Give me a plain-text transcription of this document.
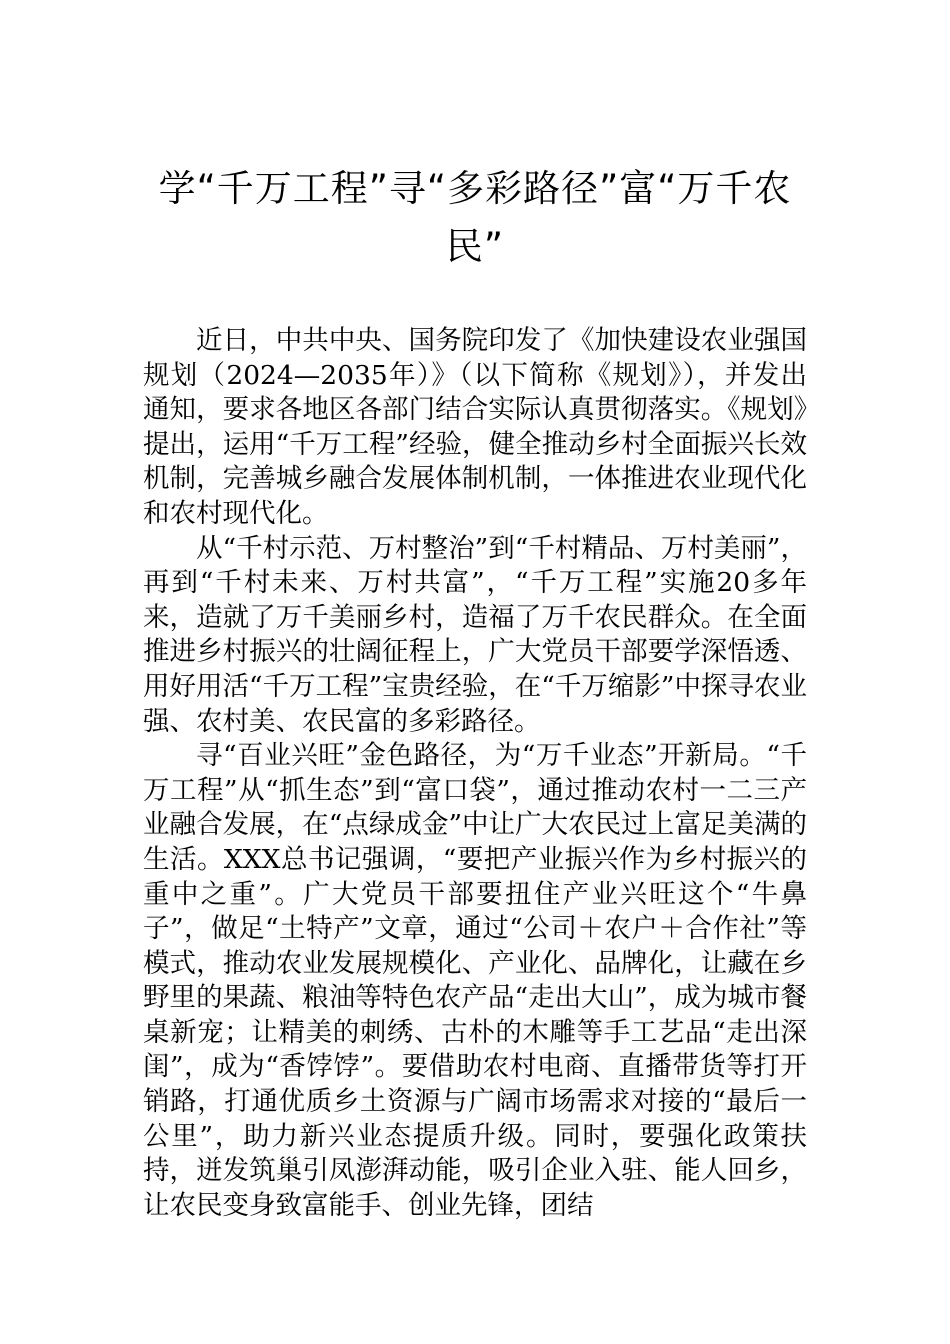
学“千万工程”寻“多彩路径”富“万千农民”

近日，中共中央、国务院印发了《加快建设农业强国规划（2024—2035年）》（以下简称《规划》），并发出通知，要求各地区各部门结合实际认真贯彻落实。《规划》提出，运用“千万工程”经验，健全推动乡村全面振兴长效机制，完善城乡融合发展体制机制，一体推进农业现代化和农村现代化。

从“千村示范、万村整治”到“千村精品、万村美丽”，再到“千村未来、万村共富”，“千万工程”实施20多年来，造就了万千美丽乡村，造福了万千农民群众。在全面推进乡村振兴的壮阔征程上，广大党员干部要学深悟透、用好用活“千万工程”宝贵经验，在“千万缩影”中探寻农业强、农村美、农民富的多彩路径。

寻“百业兴旺”金色路径，为“万千业态”开新局。“千万工程”从“抓生态”到“富口袋”，通过推动农村一二三产业融合发展，在“点绿成金”中让广大农民过上富足美满的生活。XXX总书记强调，“要把产业振兴作为乡村振兴的重中之重”。广大党员干部要扭住产业兴旺这个“牛鼻子”，做足“土特产”文章，通过“公司＋农户＋合作社”等模式，推动农业发展规模化、产业化、品牌化，让藏在乡野里的果蔬、粮油等特色农产品“走出大山”，成为城市餐桌新宠；让精美的刺绣、古朴的木雕等手工艺品“走出深闺”，成为“香饽饽”。要借助农村电商、直播带货等打开销路，打通优质乡土资源与广阔市场需求对接的“最后一公里”，助力新兴业态提质升级。同时，要强化政策扶持，迸发筑巢引凤澎湃动能，吸引企业入驻、能人回乡，让农民变身致富能手、创业先锋，团结
